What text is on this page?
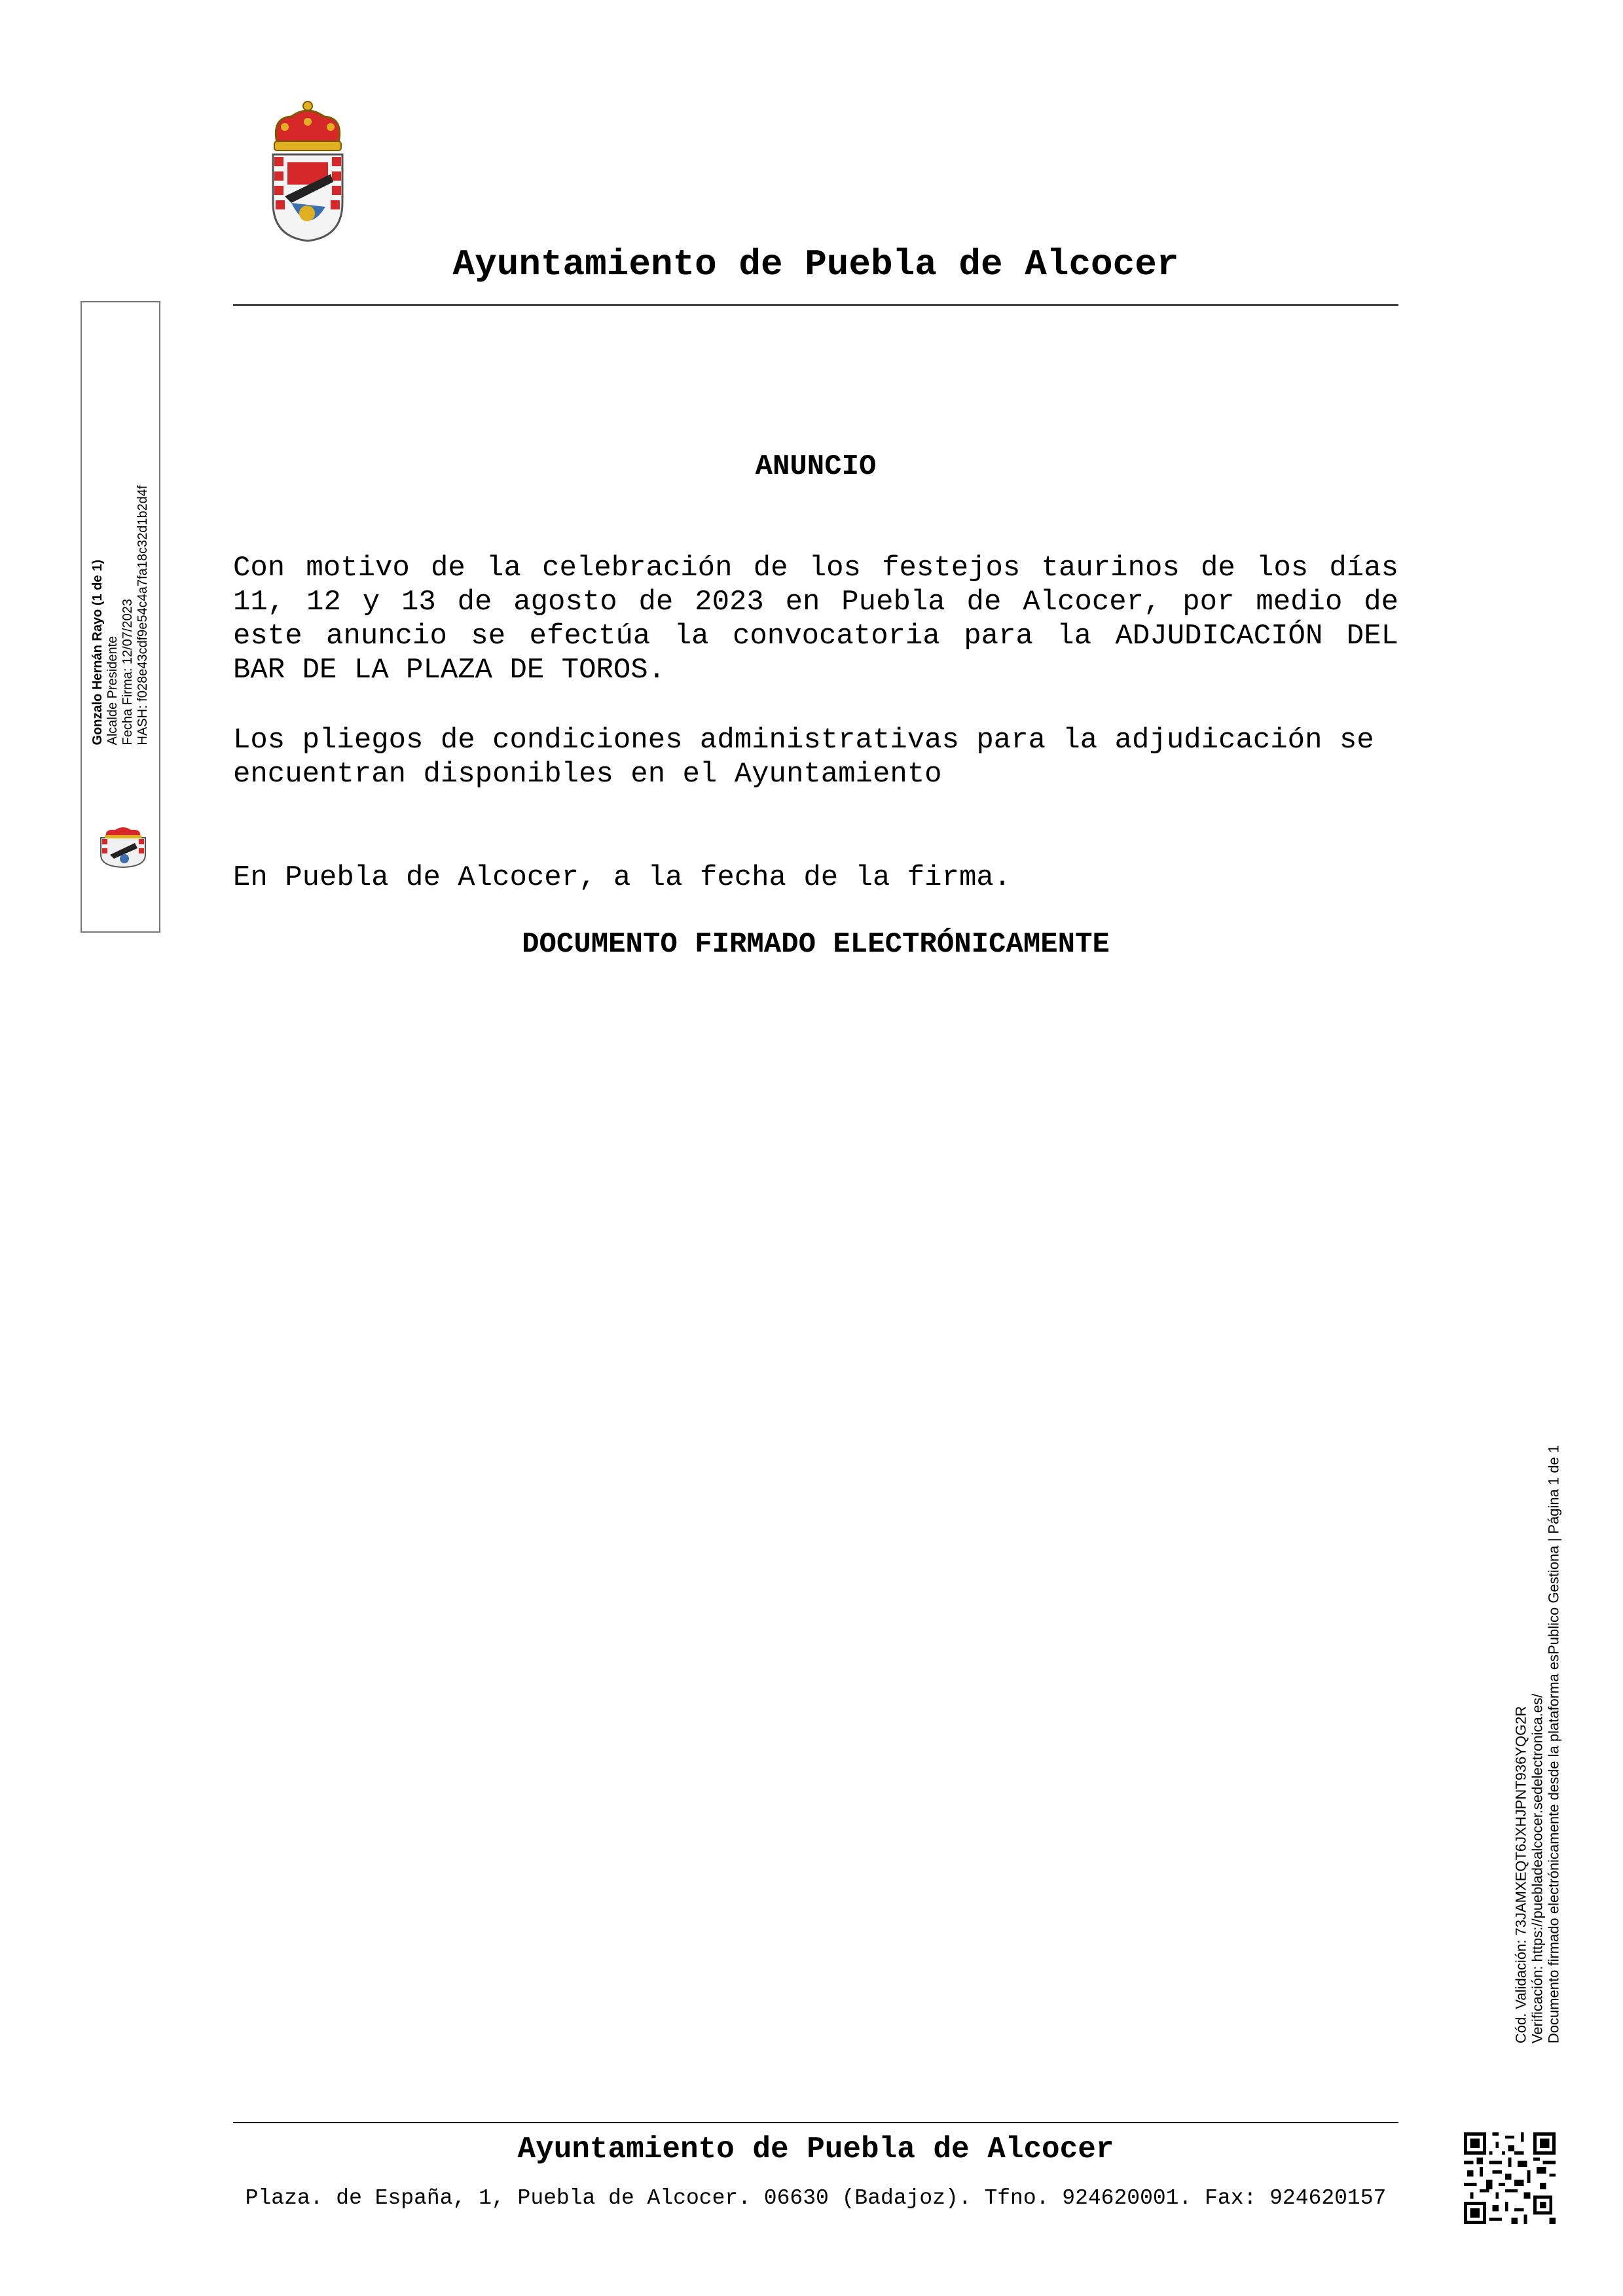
Ayuntamiento de Puebla de Alcocer
ANUNCIO

Con motivo de la celebración de los festejos taurinos de los días 11, 12 y 13 de agosto de 2023 en Puebla de Alcocer, por medio de este anuncio se efectúa la convocatoria para la ADJUDICACIÓN DEL BAR DE LA PLAZA DE TOROS.

Los pliegos de condiciones administrativas para la adjudicación se encuentran disponibles en el Ayuntamiento

En Puebla de Alcocer, a la fecha de la firma.

DOCUMENTO FIRMADO ELECTRÓNICAMENTE
Gonzalo Hernán Rayo (1 de 1) Alcalde Presidente Fecha Firma: 12/07/2023 HASH: f028e43cdf9e54c4a7fa18c32d1b2d4f
Cód. Validación: 73JAMXEQT6JXHJPNT936YQG2R Verificación: https://puebladealcocer.sedelectronica.es/ Documento firmado electrónicamente desde la plataforma esPublico Gestiona | Página 1 de 1
Ayuntamiento de Puebla de Alcocer
Plaza. de España, 1, Puebla de Alcocer. 06630 (Badajoz). Tfno. 924620001. Fax: 924620157
